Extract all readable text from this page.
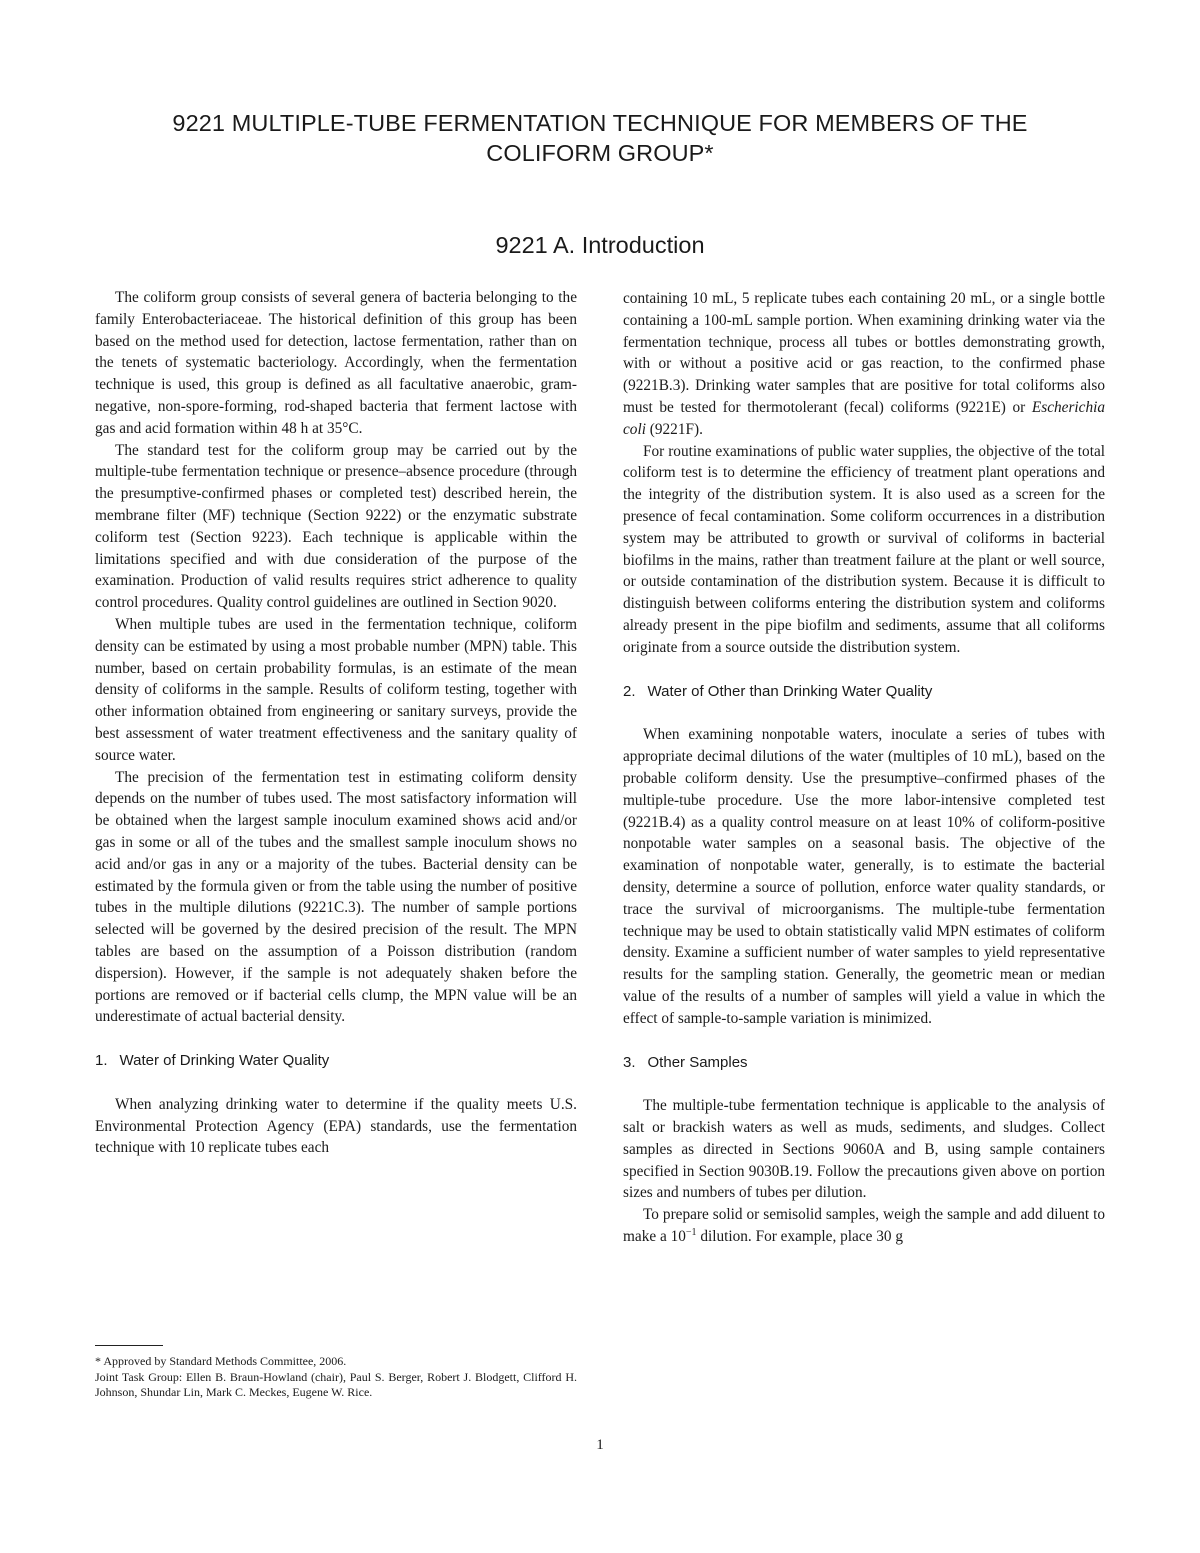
9221 MULTIPLE-TUBE FERMENTATION TECHNIQUE FOR MEMBERS OF THE
COLIFORM GROUP*
9221 A. Introduction

The coliform group consists of several genera of bacteria belonging to the family Enterobacteriaceae. The historical definition of this group has been based on the method used for detection, lactose fermentation, rather than on the tenets of systematic bacteriology. Accordingly, when the fermentation technique is used, this group is defined as all facultative anaerobic, gram-negative, non-spore-forming, rod-shaped bacteria that ferment lactose with gas and acid formation within 48 h at 35°C.

The standard test for the coliform group may be carried out by the multiple-tube fermentation technique or presence–absence procedure (through the presumptive-confirmed phases or completed test) described herein, the membrane filter (MF) technique (Section 9222) or the enzymatic substrate coliform test (Section 9223). Each technique is applicable within the limitations specified and with due consideration of the purpose of the examination. Production of valid results requires strict adherence to quality control procedures. Quality control guidelines are outlined in Section 9020.

When multiple tubes are used in the fermentation technique, coliform density can be estimated by using a most probable number (MPN) table. This number, based on certain probability formulas, is an estimate of the mean density of coliforms in the sample. Results of coliform testing, together with other information obtained from engineering or sanitary surveys, provide the best assessment of water treatment effectiveness and the sanitary quality of source water.

The precision of the fermentation test in estimating coliform density depends on the number of tubes used. The most satisfactory information will be obtained when the largest sample inoculum examined shows acid and/or gas in some or all of the tubes and the smallest sample inoculum shows no acid and/or gas in any or a majority of the tubes. Bacterial density can be estimated by the formula given or from the table using the number of positive tubes in the multiple dilutions (9221C.3). The number of sample portions selected will be governed by the desired precision of the result. The MPN tables are based on the assumption of a Poisson distribution (random dispersion). However, if the sample is not adequately shaken before the portions are removed or if bacterial cells clump, the MPN value will be an underestimate of actual bacterial density.

1. Water of Drinking Water Quality

When analyzing drinking water to determine if the quality meets U.S. Environmental Protection Agency (EPA) standards, use the fermentation technique with 10 replicate tubes each

containing 10 mL, 5 replicate tubes each containing 20 mL, or a single bottle containing a 100-mL sample portion. When examining drinking water via the fermentation technique, process all tubes or bottles demonstrating growth, with or without a positive acid or gas reaction, to the confirmed phase (9221B.3). Drinking water samples that are positive for total coliforms also must be tested for thermotolerant (fecal) coliforms (9221E) or Escherichia coli (9221F).

For routine examinations of public water supplies, the objective of the total coliform test is to determine the efficiency of treatment plant operations and the integrity of the distribution system. It is also used as a screen for the presence of fecal contamination. Some coliform occurrences in a distribution system may be attributed to growth or survival of coliforms in bacterial biofilms in the mains, rather than treatment failure at the plant or well source, or outside contamination of the distribution system. Because it is difficult to distinguish between coliforms entering the distribution system and coliforms already present in the pipe biofilm and sediments, assume that all coliforms originate from a source outside the distribution system.

2. Water of Other than Drinking Water Quality

When examining nonpotable waters, inoculate a series of tubes with appropriate decimal dilutions of the water (multiples of 10 mL), based on the probable coliform density. Use the presumptive–confirmed phases of the multiple-tube procedure. Use the more labor-intensive completed test (9221B.4) as a quality control measure on at least 10% of coliform-positive nonpotable water samples on a seasonal basis. The objective of the examination of nonpotable water, generally, is to estimate the bacterial density, determine a source of pollution, enforce water quality standards, or trace the survival of microorganisms. The multiple-tube fermentation technique may be used to obtain statistically valid MPN estimates of coliform density. Examine a sufficient number of water samples to yield representative results for the sampling station. Generally, the geometric mean or median value of the results of a number of samples will yield a value in which the effect of sample-to-sample variation is minimized.

3. Other Samples

The multiple-tube fermentation technique is applicable to the analysis of salt or brackish waters as well as muds, sediments, and sludges. Collect samples as directed in Sections 9060A and B, using sample containers specified in Section 9030B.19. Follow the precautions given above on portion sizes and numbers of tubes per dilution.

To prepare solid or semisolid samples, weigh the sample and add diluent to make a $10^{-1}$ dilution. For example, place 30 g

* Approved by Standard Methods Committee, 2006.

Joint Task Group: Ellen B. Braun-Howland (chair), Paul S. Berger, Robert J. Blodgett, Clifford H. Johnson, Shundar Lin, Mark C. Meckes, Eugene W. Rice.

1
